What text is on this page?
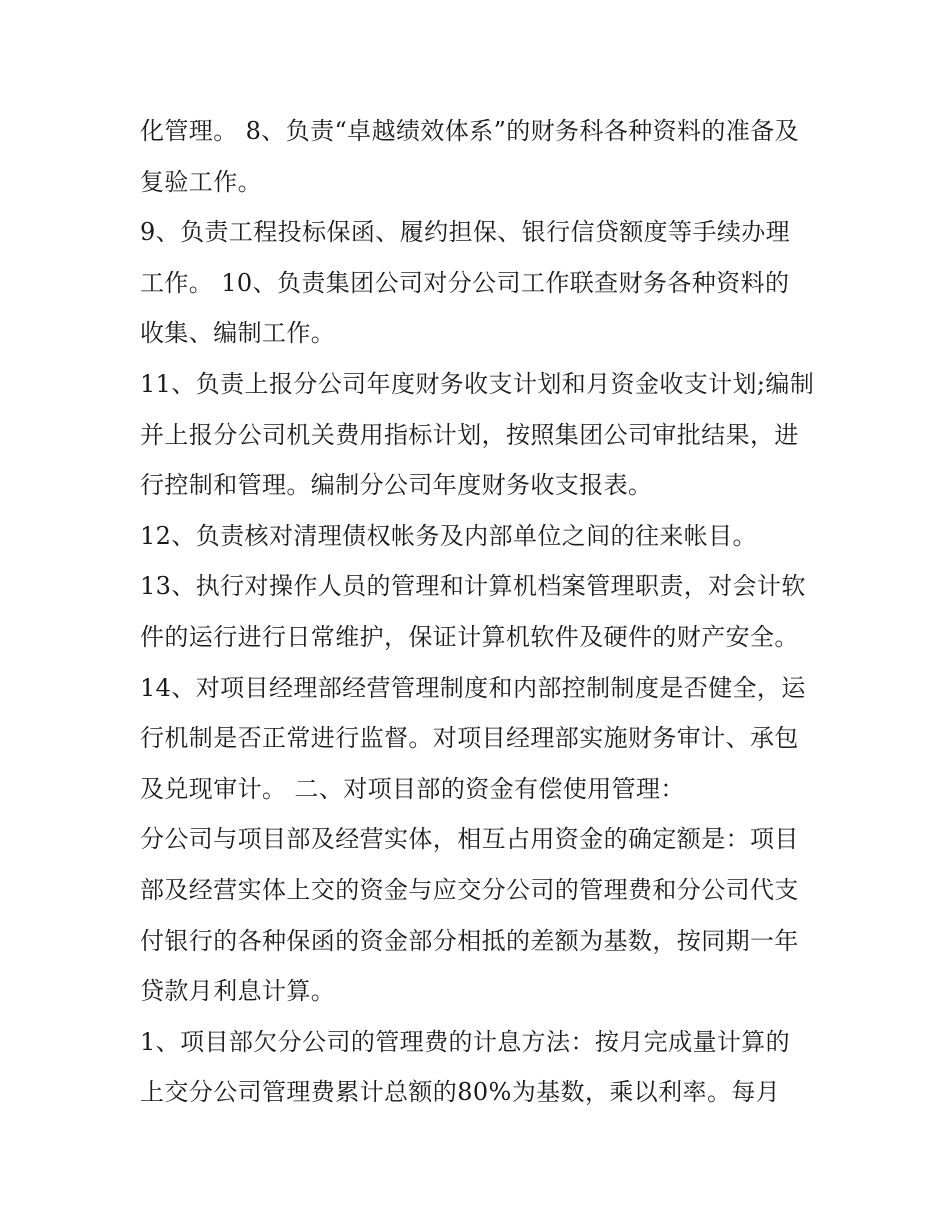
化管理。 8、负责“卓越绩效体系”的财务科各种资料的准备及
复验工作。
9、负责工程投标保函、履约担保、银行信贷额度等手续办理
工作。 10、负责集团公司对分公司工作联查财务各种资料的
收集、编制工作。
11、负责上报分公司年度财务收支计划和月资金收支计划;编制
并上报分公司机关费用指标计划，按照集团公司审批结果，进
行控制和管理。编制分公司年度财务收支报表。
12、负责核对清理债权帐务及内部单位之间的往来帐目。
13、执行对操作人员的管理和计算机档案管理职责，对会计软
件的运行进行日常维护，保证计算机软件及硬件的财产安全。
14、对项目经理部经营管理制度和内部控制制度是否健全，运
行机制是否正常进行监督。对项目经理部实施财务审计、承包
及兑现审计。 二、对项目部的资金有偿使用管理：
分公司与项目部及经营实体，相互占用资金的确定额是：项目
部及经营实体上交的资金与应交分公司的管理费和分公司代支
付银行的各种保函的资金部分相抵的差额为基数，按同期一年
贷款月利息计算。
1、项目部欠分公司的管理费的计息方法：按月完成量计算的
上交分公司管理费累计总额的80%为基数，乘以利率。每月
